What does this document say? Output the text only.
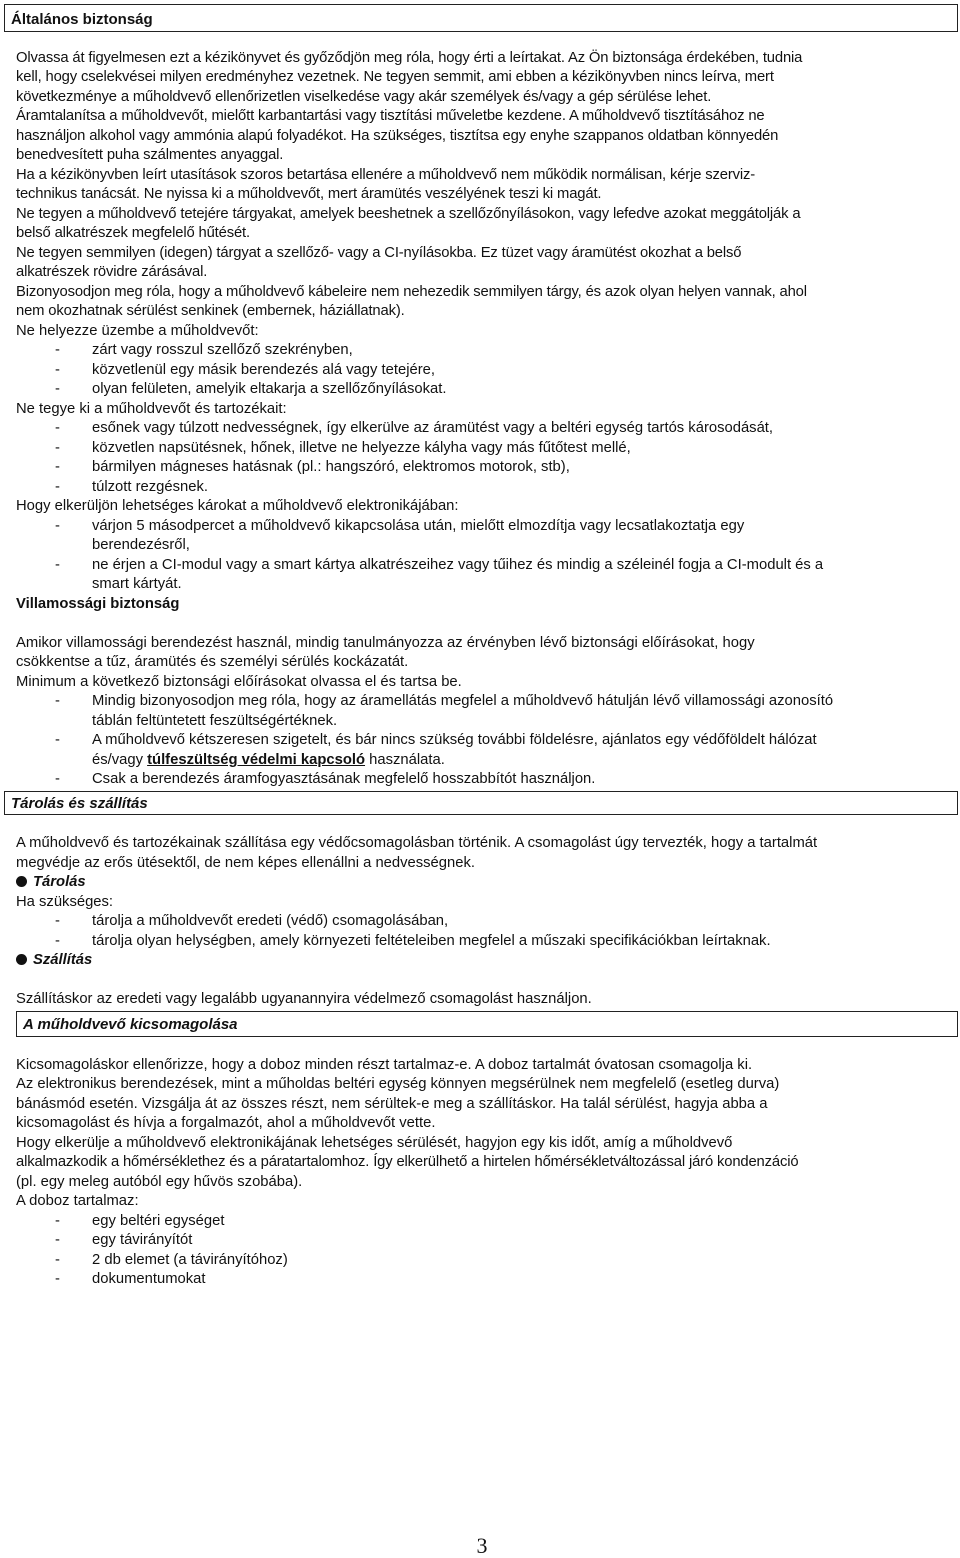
Általános biztonság
Olvassa át figyelmesen ezt a kézikönyvet és győződjön meg róla, hogy érti a leírtakat. Az Ön biztonsága érdekében, tudnia
kell, hogy cselekvései milyen eredményhez vezetnek. Ne tegyen semmit, ami ebben a kézikönyvben nincs leírva, mert
következménye a műholdvevő ellenőrizetlen viselkedése vagy akár személyek és/vagy a gép sérülése lehet.
Áramtalanítsa a műholdvevőt, mielőtt karbantartási vagy tisztítási műveletbe kezdene. A műholdvevő tisztításához ne
használjon alkohol vagy ammónia alapú folyadékot. Ha szükséges, tisztítsa egy enyhe szappanos oldatban könnyedén
benedvesített puha szálmentes anyaggal.
Ha a kézikönyvben leírt utasítások szoros betartása ellenére a műholdvevő nem működik normálisan, kérje szerviz-
technikus tanácsát. Ne nyissa ki a műholdvevőt, mert áramütés veszélyének teszi ki magát.
Ne tegyen a műholdvevő tetejére tárgyakat, amelyek beeshetnek a szellőzőnyílásokon, vagy lefedve azokat meggátolják a
belső alkatrészek megfelelő hűtését.
Ne tegyen semmilyen (idegen) tárgyat a szellőző- vagy a CI-nyílásokba. Ez tüzet vagy áramütést okozhat a belső
alkatrészek rövidre zárásával.
Bizonyosodjon meg róla, hogy a műholdvevő kábeleire nem nehezedik semmilyen tárgy, és azok olyan helyen vannak, ahol
nem okozhatnak sérülést senkinek (embernek, háziállatnak).
Ne helyezze üzembe a műholdvevőt:
- zárt vagy rosszul szellőző szekrényben,
- közvetlenül egy másik berendezés alá vagy tetejére,
- olyan felületen, amelyik eltakarja a szellőzőnyílásokat.
Ne tegye ki a műholdvevőt és tartozékait:
- esőnek vagy túlzott nedvességnek, így elkerülve az áramütést vagy a beltéri egység tartós károsodását,
- közvetlen napsütésnek, hőnek, illetve ne helyezze kályha vagy más fűtőtest mellé,
- bármilyen mágneses hatásnak (pl.: hangszóró, elektromos motorok, stb),
- túlzott rezgésnek.
Hogy elkerüljön lehetséges károkat a műholdvevő elektronikájában:
- várjon 5 másodpercet a műholdvevő kikapcsolása után, mielőtt elmozdítja vagy lecsatlakoztatja egy
berendezésről,
- ne érjen a CI-modul vagy a smart kártya alkatrészeihez vagy tűihez és mindig a széleinél fogja a CI-modult és a
smart kártyát.
Villamossági biztonság
Amikor villamossági berendezést használ, mindig tanulmányozza az érvényben lévő biztonsági előírásokat, hogy
csökkentse a tűz, áramütés és személyi sérülés kockázatát.
Minimum a következő biztonsági előírásokat olvassa el és tartsa be.
- Mindig bizonyosodjon meg róla, hogy az áramellátás megfelel a műholdvevő hátulján lévő villamossági azonosító
táblán feltüntetett feszültségértéknek.
- A műholdvevő kétszeresen szigetelt, és bár nincs szükség további földelésre, ajánlatos egy védőföldelt hálózat
és/vagy túlfeszültség védelmi kapcsoló használata.
- Csak a berendezés áramfogyasztásának megfelelő hosszabbítót használjon.
Tárolás és szállítás
A műholdvevő és tartozékainak szállítása egy védőcsomagolásban történik. A csomagolást úgy tervezték, hogy a tartalmát
megvédje az erős ütésektől, de nem képes ellenállni a nedvességnek.
Tárolás
Ha szükséges:
- tárolja a műholdvevőt eredeti (védő) csomagolásában,
- tárolja olyan helységben, amely környezeti feltételeiben megfelel a műszaki specifikációkban leírtaknak.
Szállítás
Szállításkor az eredeti vagy legalább ugyanannyira védelmező csomagolást használjon.
A műholdvevő kicsomagolása
Kicsomagoláskor ellenőrizze, hogy a doboz minden részt tartalmaz-e. A doboz tartalmát óvatosan csomagolja ki.
Az elektronikus berendezések, mint a műholdas beltéri egység könnyen megsérülnek nem megfelelő (esetleg durva)
bánásmód esetén. Vizsgálja át az összes részt, nem sérültek-e meg a szállításkor. Ha talál sérülést, hagyja abba a
kicsomagolást és hívja a forgalmazót, ahol a műholdvevőt vette.
Hogy elkerülje a műholdvevő elektronikájának lehetséges sérülését, hagyjon egy kis időt, amíg a műholdvevő
alkalmazkodik a hőmérséklethez és a páratartalomhoz. Így elkerülhető a hirtelen hőmérsékletváltozással járó kondenzáció
(pl. egy meleg autóból egy hűvös szobába).
A doboz tartalmaz:
- egy beltéri egységet
- egy távirányítót
- 2 db elemet (a távirányítóhoz)
- dokumentumokat
3
